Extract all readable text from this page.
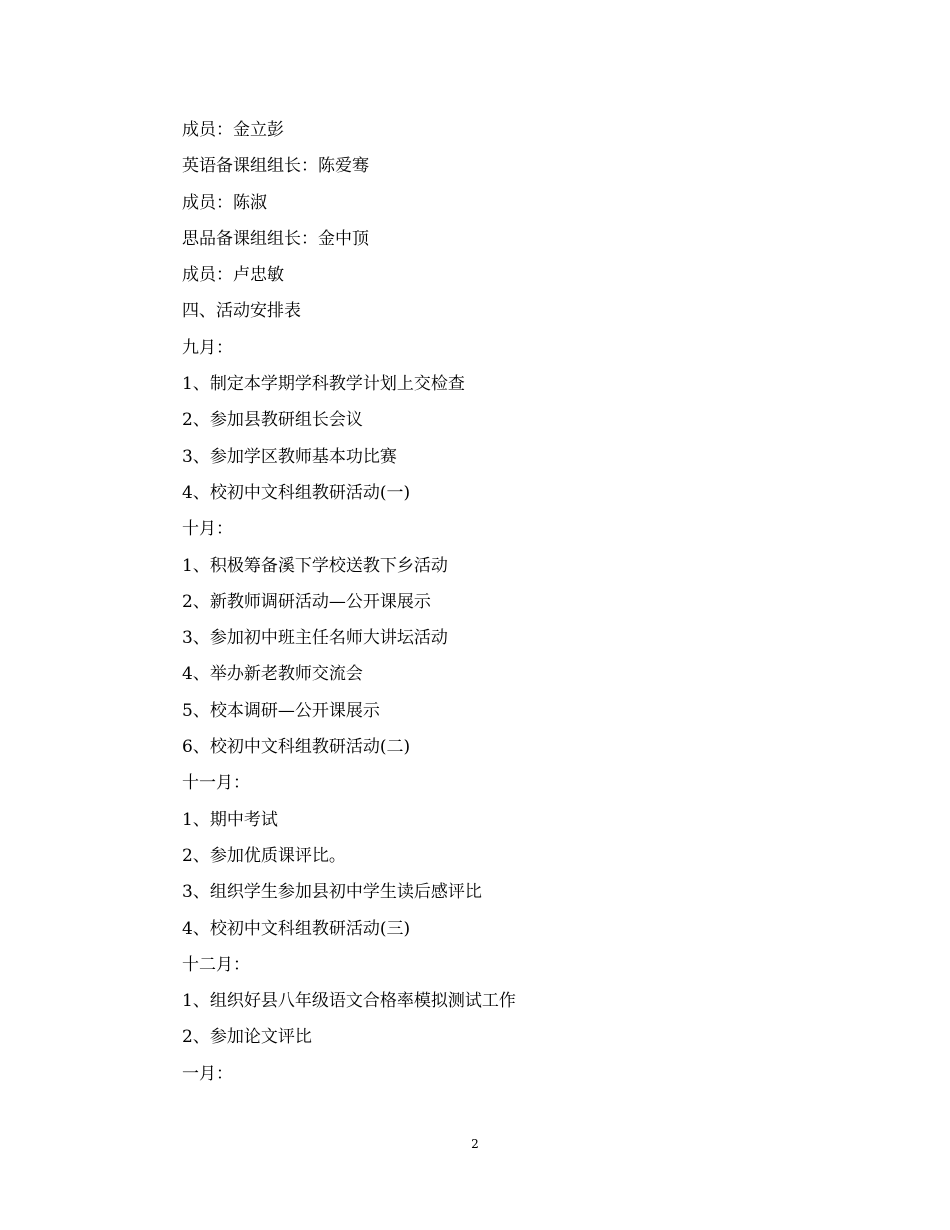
成员：金立彭
英语备课组组长：陈爱骞
成员：陈淑
思品备课组组长：金中顶
成员：卢忠敏
四、活动安排表
九月：
1、制定本学期学科教学计划上交检查
2、参加县教研组长会议
3、参加学区教师基本功比赛
4、校初中文科组教研活动(一)
十月：
1、积极筹备溪下学校送教下乡活动
2、新教师调研活动—公开课展示
3、参加初中班主任名师大讲坛活动
4、举办新老教师交流会
5、校本调研—公开课展示
6、校初中文科组教研活动(二)
十一月：
1、期中考试
2、参加优质课评比。
3、组织学生参加县初中学生读后感评比
4、校初中文科组教研活动(三)
十二月：
1、组织好县八年级语文合格率模拟测试工作
2、参加论文评比
一月：
2
